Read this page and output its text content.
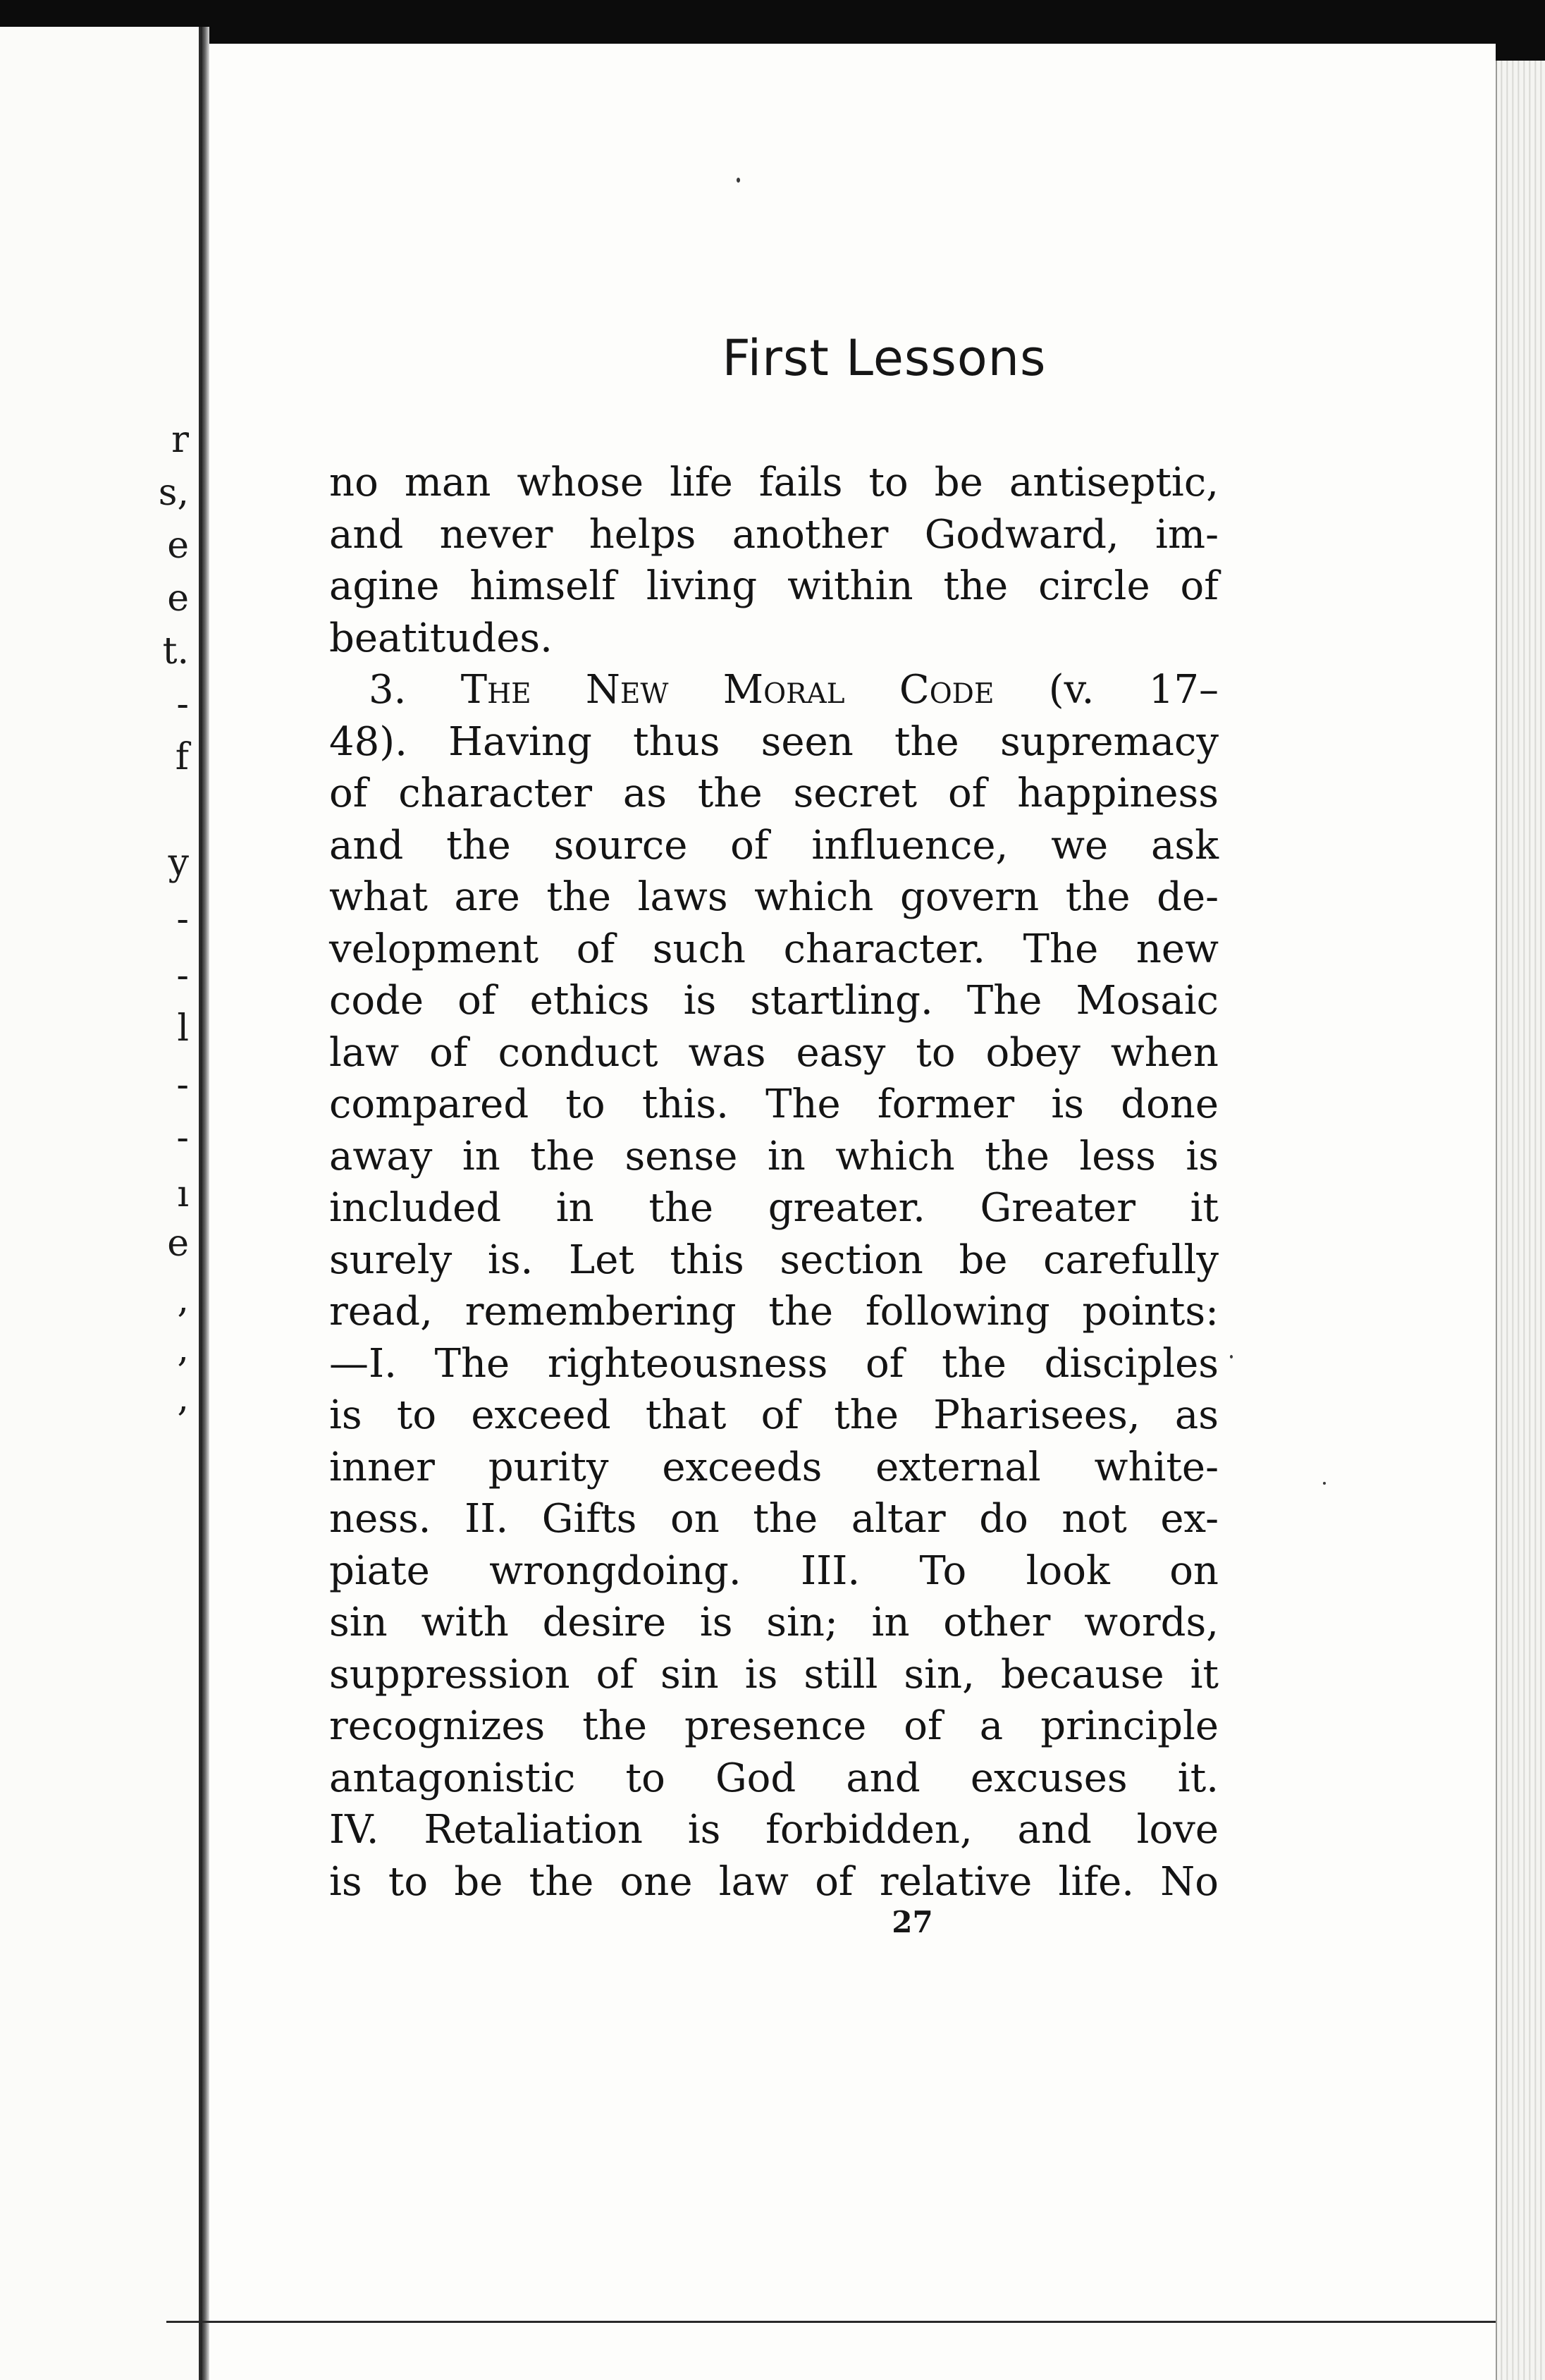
r
s,
e
e
t.
-
f
y
-
-
l
-
-
ı
e
,
,
,
First Lessons
no man whose life fails to be antiseptic,
and never helps another Godward, im-
agine himself living within the circle of
beatitudes.
3. The New Moral Code (v. 17–
48). Having thus seen the supremacy
of character as the secret of happiness
and the source of influence, we ask
what are the laws which govern the de-
velopment of such character. The new
code of ethics is startling. The Mosaic
law of conduct was easy to obey when
compared to this. The former is done
away in the sense in which the less is
included in the greater. Greater it
surely is. Let this section be carefully
read, remembering the following points:
—I. The righteousness of the disciples
is to exceed that of the Pharisees, as
inner purity exceeds external white-
ness. II. Gifts on the altar do not ex-
piate wrongdoing. III. To look on
sin with desire is sin; in other words,
suppression of sin is still sin, because it
recognizes the presence of a principle
antagonistic to God and excuses it.
IV. Retaliation is forbidden, and love
is to be the one law of relative life. No
27
